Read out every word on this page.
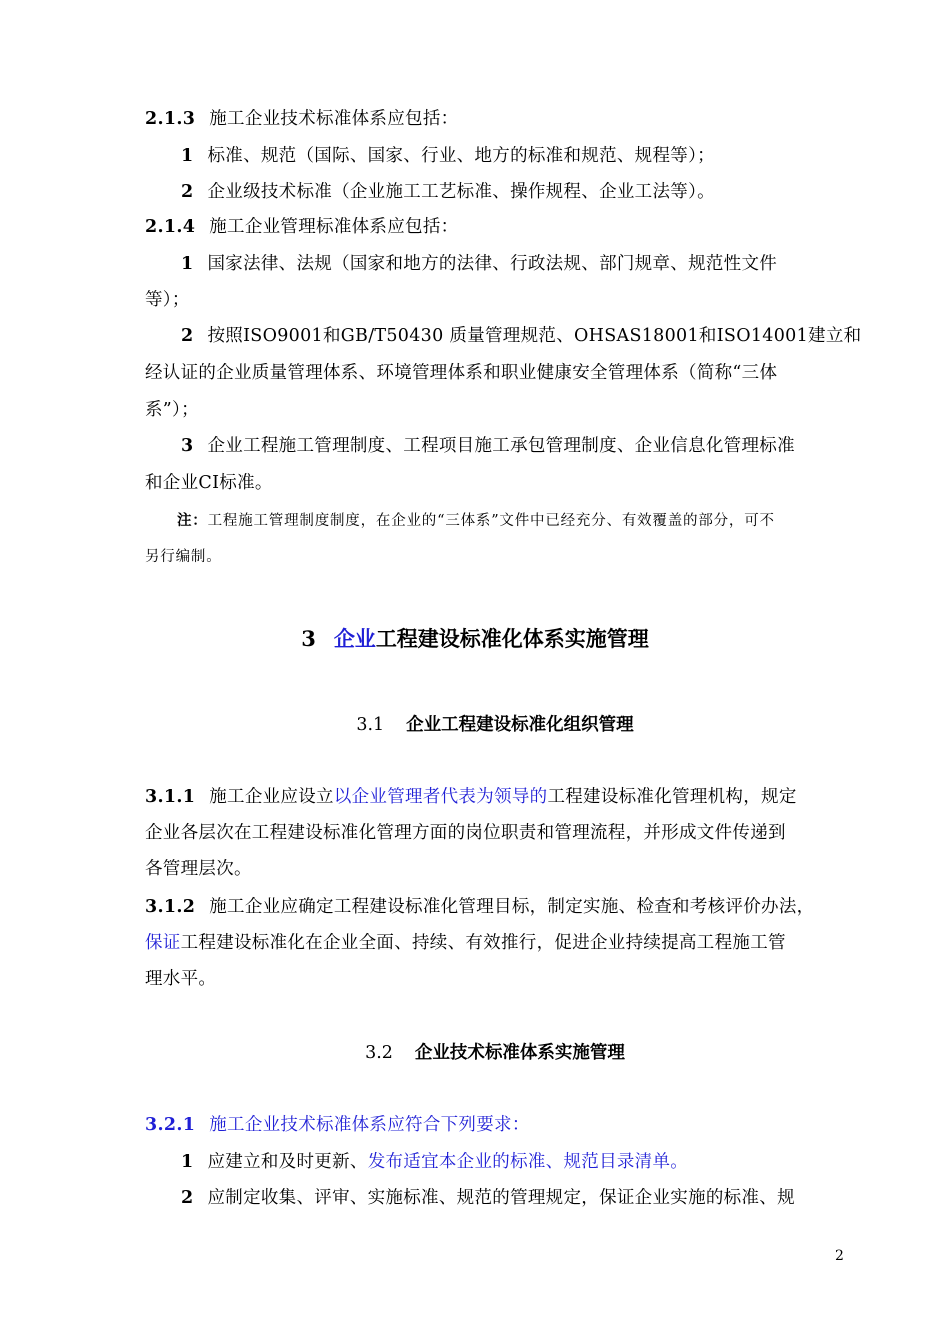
2.1.3 施工企业技术标准体系应包括：
1 标准、规范（国际、国家、行业、地方的标准和规范、规程等）；
2 企业级技术标准（企业施工工艺标准、操作规程、企业工法等）。
2.1.4 施工企业管理标准体系应包括：
1 国家法律、法规（国家和地方的法律、行政法规、部门规章、规范性文件
等）；
2 按照ISO9001和GB/T50430 质量管理规范、OHSAS18001和ISO14001建立和
经认证的企业质量管理体系、环境管理体系和职业健康安全管理体系（简称“三体
系”）；
3 企业工程施工管理制度、工程项目施工承包管理制度、企业信息化管理标准
和企业CI标准。
注：工程施工管理制度制度，在企业的“三体系”文件中已经充分、有效覆盖的部分，可不
另行编制。
3 企业工程建设标准化体系实施管理
3.1 企业工程建设标准化组织管理
3.1.1 施工企业应设立以企业管理者代表为领导的工程建设标准化管理机构，规定
企业各层次在工程建设标准化管理方面的岗位职责和管理流程，并形成文件传递到
各管理层次。
3.1.2 施工企业应确定工程建设标准化管理目标，制定实施、检查和考核评价办法，
保证工程建设标准化在企业全面、持续、有效推行，促进企业持续提高工程施工管
理水平。
3.2 企业技术标准体系实施管理
3.2.1 施工企业技术标准体系应符合下列要求：
1 应建立和及时更新、发布适宜本企业的标准、规范目录清单。
2 应制定收集、评审、实施标准、规范的管理规定，保证企业实施的标准、规
2
